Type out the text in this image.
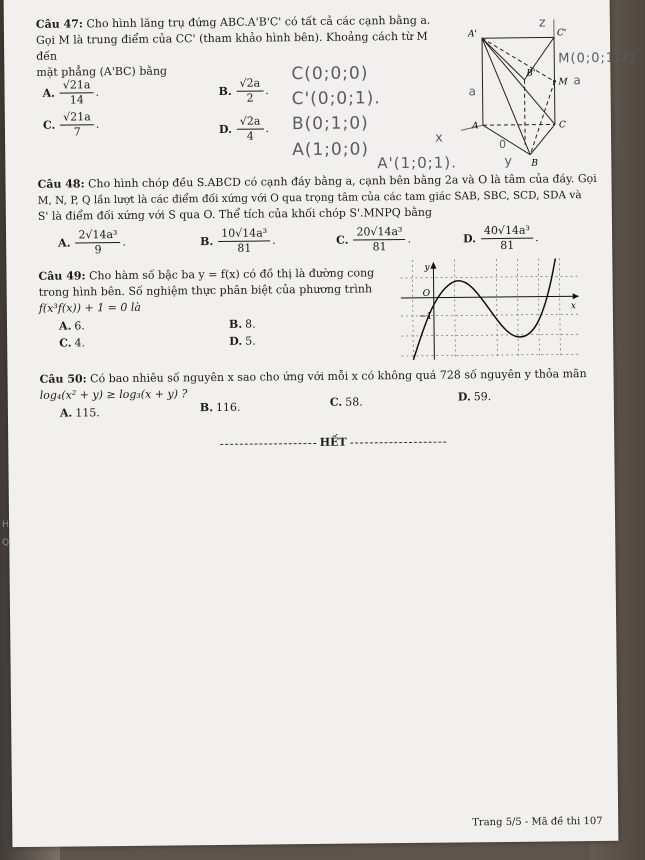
H
Q

Câu 47: Cho hình lăng trụ đứng ABC.A'B'C' có tất cả các cạnh bằng a.

Gọi M là trung điểm của CC' (tham khảo hình bên). Khoảng cách từ M đến

mặt phẳng (A'BC) bằng

A. $\frac{√21a}{14}$ .	B. $\frac{√2a}{2}$ .
C. $\frac{√21a}{7}$ .	D. $\frac{√2a}{4}$ .
C(0;0;0)
C'(0;0;1).
B(0;1;0)
A(1;0;0)
A'(1;0;1).
M(0;0;1/2)
z
x
y
a
a
0
A'	C'
B'
M
A	C
B

Câu 48: Cho hình chóp đều S.ABCD có cạnh đáy bằng a, cạnh bên bằng 2a và O là tâm của đáy. Gọi

M, N, P, Q lần lượt là các điểm đối xứng với O qua trọng tâm của các tam giác SAB, SBC, SCD, SDA và

S' là điểm đối xứng với S qua O. Thể tích của khối chóp S'.MNPQ bằng

A. $\frac{\text{2√14a³}}{9}$ .	B. $\frac{\text{10√14a³}}{81}$ .	C. $\frac{\text{20√14a³}}{81}$ .	D. $\frac{\text{40√14a³}}{81}$ .

Câu 49: Cho hàm số bậc ba y = f(x) có đồ thị là đường cong

trong hình bên. Số nghiệm thực phân biệt của phương trình

f(x³f(x)) + 1 = 0 là

A. 6.	B. 8.
C. 4.	D. 5.
y
x
O
−1

Câu 50: Có bao nhiêu số nguyên x sao cho ứng với mỗi x có không quá 728 số nguyên y thỏa mãn

log₄(x² + y) ≥ log₃(x + y) ?

A. 115.	B. 116.	C. 58.	D. 59.
HẾT
Trang 5/5 - Mã đề thi 107
